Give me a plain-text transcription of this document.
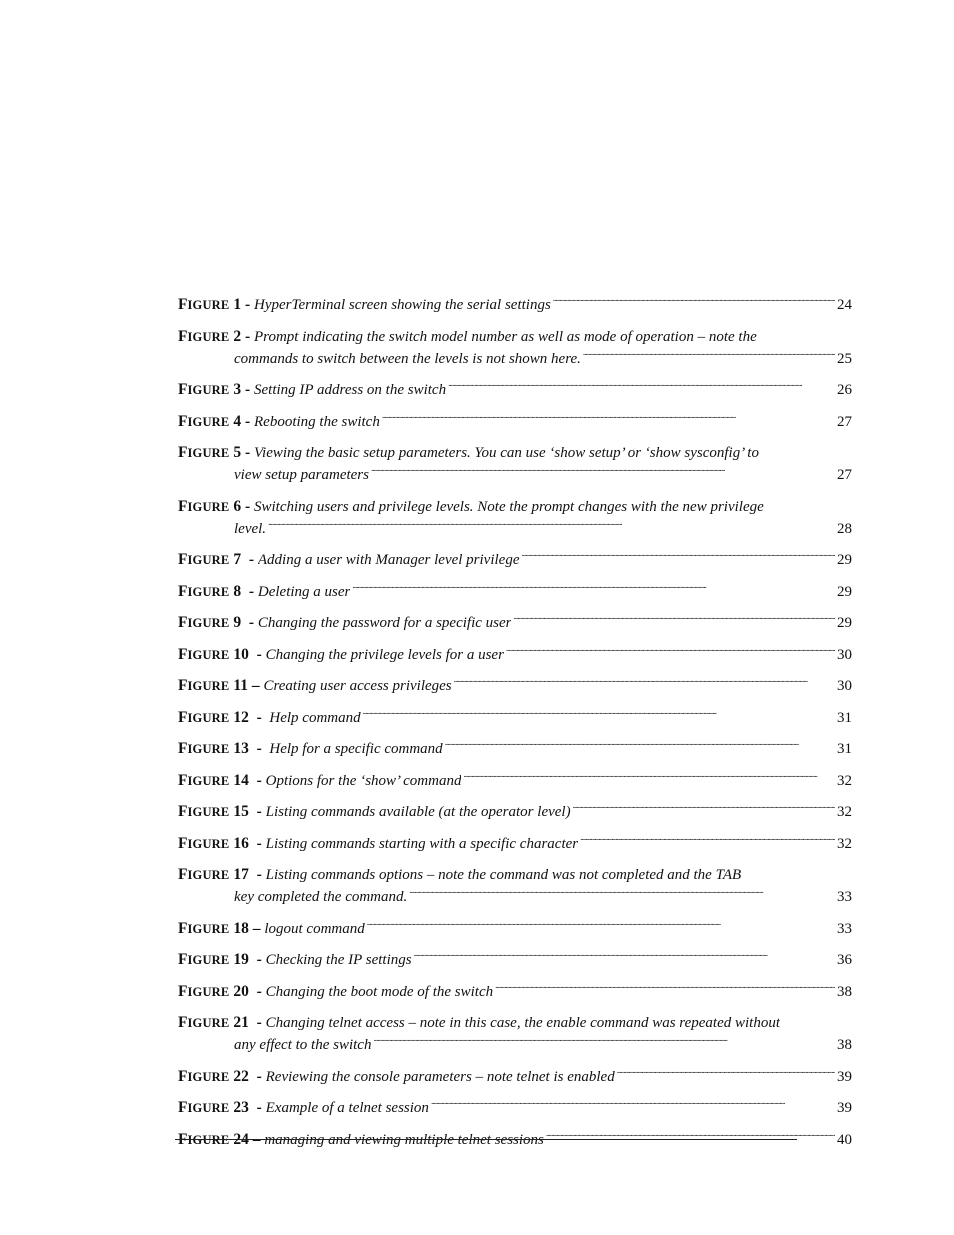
FIGURE 1 - HyperTerminal screen showing the serial settings . . .	24
FIGURE 2 - Prompt indicating the switch model number as well as mode of operation – note the
commands to switch between the levels is not shown here. . . .	25
FIGURE 3 - Setting IP address on the switch . . .	26
FIGURE 4 - Rebooting the switch . . .	27
FIGURE 5 - Viewing the basic setup parameters. You can use ‘show setup’ or ‘show sysconfig’ to
view setup parameters . . .	27
FIGURE 6 - Switching users and privilege levels. Note the prompt changes with the new privilege
level. . . .	28
FIGURE 7  - Adding a user with Manager level privilege . . .	29
FIGURE 8  - Deleting a user . . .	29
FIGURE 9  - Changing the password for a specific user . . .	29
FIGURE 10  - Changing the privilege levels for a user . . .	30
FIGURE 11 – Creating user access privileges . . .	30
FIGURE 12  - Help command . . .	31
FIGURE 13  - Help for a specific command . . .	31
FIGURE 14  - Options for the ‘show’ command . . .	32
FIGURE 15  - Listing commands available (at the operator level) . . .	32
FIGURE 16  - Listing commands starting with a specific character . . .	32
FIGURE 17  - Listing commands options – note the command was not completed and the TAB
key completed the command. . . .	33
FIGURE 18 – logout command . . .	33
FIGURE 19  - Checking the IP settings . . .	36
FIGURE 20  - Changing the boot mode of the switch . . .	38
FIGURE 21  - Changing telnet access – note in this case, the enable command was repeated without
any effect to the switch . . .	38
FIGURE 22  - Reviewing the console parameters – note telnet is enabled . . .	39
FIGURE 23  - Example of a telnet session . . .	39
FIGURE 24 – managing and viewing multiple telnet sessions . . .	40
